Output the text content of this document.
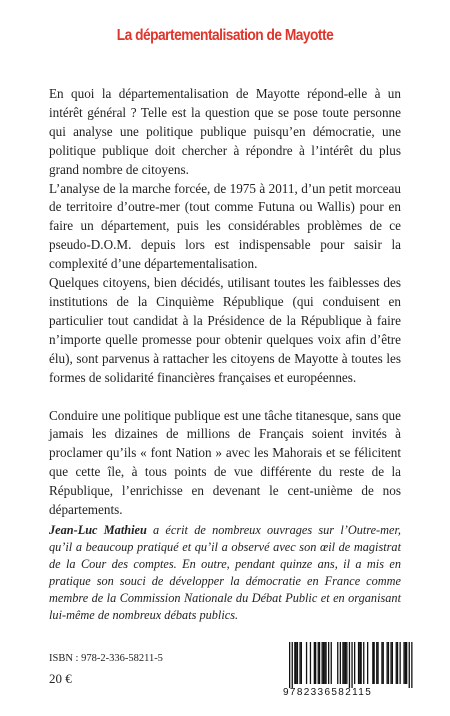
La départementalisation de Mayotte

En quoi la départementalisation de Mayotte répond-elle à un intérêt général ? Telle est la question que se pose toute personne qui analyse une politique publique puisqu’en démocratie, une politique publique doit chercher à répondre à l’intérêt du plus grand nombre de citoyens.

L’analyse de la marche forcée, de 1975 à 2011, d’un petit morceau de territoire d’outre-mer (tout comme Futuna ou Wallis) pour en faire un département, puis les considérables problèmes de ce pseudo-D.O.M. depuis lors est indispensable pour saisir la complexité d’une départementalisation.

Quelques citoyens, bien décidés, utilisant toutes les faiblesses des institutions de la Cinquième République (qui conduisent en particulier tout candidat à la Présidence de la République à faire n’importe quelle promesse pour obtenir quelques voix afin d’être élu), sont parvenus à rattacher les citoyens de Mayotte à toutes les formes de solidarité financières françaises et européennes.

Conduire une politique publique est une tâche titanesque, sans que jamais les dizaines de millions de Français soient invités à proclamer qu’ils « font Nation » avec les Mahorais et se félicitent que cette île, à tous points de vue différente du reste de la République, l’enrichisse en devenant le cent-unième de nos départements.

Jean-Luc Mathieu a écrit de nombreux ouvrages sur l’Outre-mer, qu’il a beaucoup pratiqué et qu’il a observé avec son œil de magistrat de la Cour des comptes. En outre, pendant quinze ans, il a mis en pratique son souci de développer la démocratie en France comme membre de la Commission Nationale du Débat Public et en organisant lui-même de nombreux débats publics.

ISBN : 978-2-336-58211-5
20 €
9782336582115
